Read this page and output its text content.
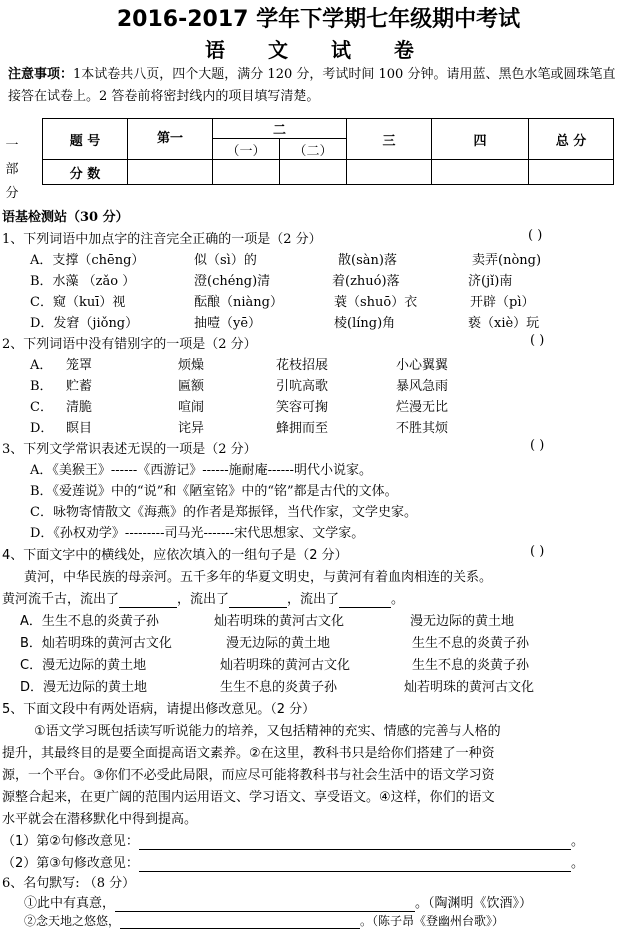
2016-2017 学年下学期七年级期中考试
语 文 试 卷
注意事项：1本试卷共八页，四个大题，满分 120 分，考试时间 100 分钟。请用蓝、黑色水笔或圆珠笔直接答在试卷上。2 答卷前将密封线内的项目填写清楚。
一部分
题 号	第一	二		三	四	总 分
		（一）	（二）			
分 数						
语基检测站（30 分）
1、下列词语中加点字的注音完全正确的一项是（2 分）	( )
A．支撑（chēng）	似（sì）的	散(sàn)落	卖弄(nòng)
B．水藻 （zǎo ）	澄(chéng)清	着(zhuó)落	济(jǐ)南
C．窥（kuī）视	酝酿（niàng）	蓑（shuō）衣	开辟（pì）
D．发窘（jiǒng）	抽噎（yē）	棱(líng)角	亵（xiè）玩
2、下列词语中没有错别字的一项是（2 分）	( )
A． 笼罩	烦燥	花枝招展	小心翼翼
B． 贮蓄	匾额	引吭高歌	暴风急雨
C． 清脆	喧闹	笑容可掬	烂漫无比
D． 瞑目	诧异	蜂拥而至	不胜其烦
3、下列文学常识表述无误的一项是（2 分）	( )
A．《美猴王》------《西游记》------施耐庵------明代小说家。
B．《爱莲说》中的“说”和《陋室铭》中的“铭”都是古代的文体。
C．咏物寄情散文《海燕》的作者是郑振铎，当代作家，文学史家。
D．《孙权劝学》---------司马光-------宋代思想家、文学家。
4、下面文字中的横线处，应依次填入的一组句子是（2 分）	( )
黄河，中华民族的母亲河。五千多年的华夏文明史，与黄河有着血肉相连的关系。
黄河流千古，流出了	，流出了	，流出了	。
A．生生不息的炎黄子孙	灿若明珠的黄河古文化	漫无边际的黄土地
B．灿若明珠的黄河古文化	漫无边际的黄土地	生生不息的炎黄子孙
C．漫无边际的黄土地	灿若明珠的黄河古文化	生生不息的炎黄子孙
D．漫无边际的黄土地	生生不息的炎黄子孙	灿若明珠的黄河古文化
5、下面文段中有两处语病，请提出修改意见。（2 分）
①语文学习既包括读写听说能力的培养，又包括精神的充实、情感的完善与人格的
提升，其最终目的是要全面提高语文素养。②在这里，教科书只是给你们搭建了一种资
源，一个平台。③你们不必受此局限，而应尽可能将教科书与社会生活中的语文学习资
源整合起来，在更广阔的范围内运用语文、学习语文、享受语文。④这样，你们的语文
水平就会在潜移默化中得到提高。
（1）第②句修改意见：	。
（2）第③句修改意见：	。
6、名句默写: （8 分）
①此中有真意，	。（陶渊明《饮酒》）
②念天地之悠悠，	。（陈子昂《登幽州台歌》）
